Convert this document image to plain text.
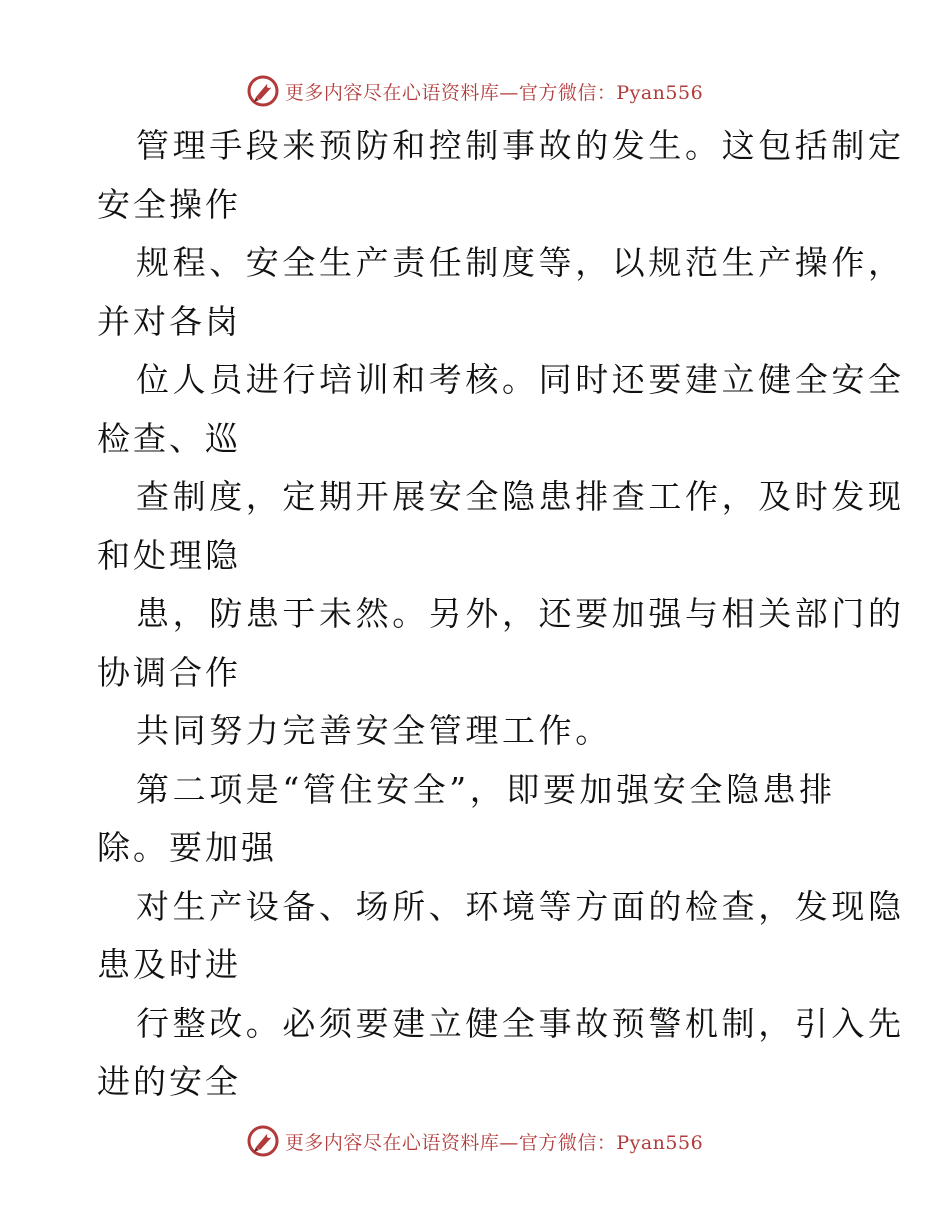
更多内容尽在心语资料库—官方微信：Pyan556
管理手段来预防和控制事故的发生。这包括制定
安全操作
规程、安全生产责任制度等，以规范生产操作，
并对各岗
位人员进行培训和考核。同时还要建立健全安全
检查、巡
查制度，定期开展安全隐患排查工作，及时发现
和处理隐
患，防患于未然。另外，还要加强与相关部门的
协调合作
共同努力完善安全管理工作。
第二项是“管住安全”，即要加强安全隐患排
除。要加强
对生产设备、场所、环境等方面的检查，发现隐
患及时进
行整改。必须要建立健全事故预警机制，引入先
进的安全
更多内容尽在心语资料库—官方微信：Pyan556
